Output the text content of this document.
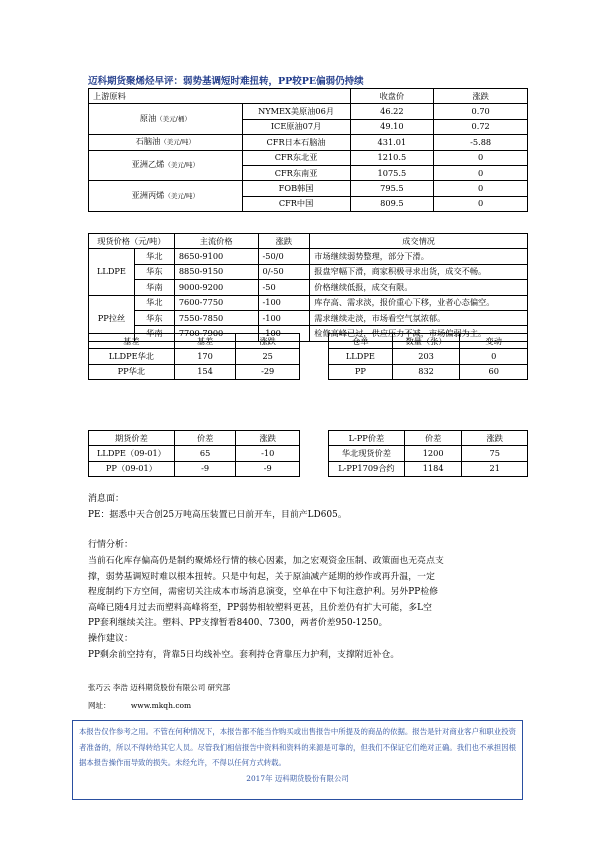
迈科期货聚烯烃早评：弱势基调短时难扭转，PP较PE偏弱仍持续
上游原料		收盘价	涨跌
原油（美元/桶）	NYMEX美原油06月	46.22	0.70
	ICE原油07月	49.10	0.72
石脑油（美元/吨）	CFR日本石脑油	431.01	-5.88
亚洲乙烯（美元/吨）	CFR东北亚	1210.5	0
	CFR东南亚	1075.5	0
亚洲丙烯（美元/吨）	FOB韩国	795.5	0
	CFR中国	809.5	0
现货价格（元/吨）		主流价格	涨跌	成交情况
LLDPE	华北	8650-9100	-50/0	市场继续弱势整理，部分下滑。
	华东	8850-9150	0/-50	报盘窄幅下滑，商家积极寻求出货，成交不畅。
	华南	9000-9200	-50	价格继续低报，成交有限。
PP拉丝	华北	7600-7750	-100	库存高、需求淡，报价重心下移，业者心态偏空。
	华东	7550-7850	-100	需求继续走淡，市场看空气氛浓郁。
	华南	7700-7900	-100	检修高峰已过，供应压力不减，市场偏弱为主。
基差	基差	涨跌
LLDPE华北	170	25
PP华北	154	-29
仓单	数量（张）	变动
LLDPE	203	0
PP	832	60
期货价差	价差	涨跌
LLDPE（09-01）	65	-10
PP（09-01）	-9	-9
L-PP价差	价差	涨跌
华北现货价差	1200	75
L-PP1709合约	1184	21
消息面：
PE：据悉中天合创25万吨高压装置已日前开车，目前产LD605。
行情分析：
当前石化库存偏高仍是制约聚烯烃行情的核心因素，加之宏观资金压制、政策面也无亮点支
撑，弱势基调短时难以根本扭转。只是中旬起，关于原油减产延期的炒作或再升温，一定
程度制约下方空间，需密切关注成本市场消息演变，空单在中下旬注意护利。另外PP检修
高峰已随4月过去而塑料高峰将至，PP弱势相较塑料更甚，且价差仍有扩大可能，多L空
PP套利继续关注。塑料、PP支撑暂看8400、7300，两者价差950-1250。
操作建议：
PP剩余前空持有，背靠5日均线补空。套利持仓背靠压力护利，支撑附近补仓。
张巧云 李浩 迈科期货股份有限公司 研究部
网址：	www.mkqh.com
本报告仅作参考之用。不管在何种情况下，本报告都不能当作购买或出售报告中所提及的商品的依据。报告是针对商业客户和职业投资者准备的，所以不得转给其它人员。尽管我们相信报告中资料和资料的来源是可靠的，但我们不保证它们绝对正确。我们也不承担因根据本报告操作而导致的损失。未经允许，不得以任何方式转载。
2017年 迈科期货股份有限公司
